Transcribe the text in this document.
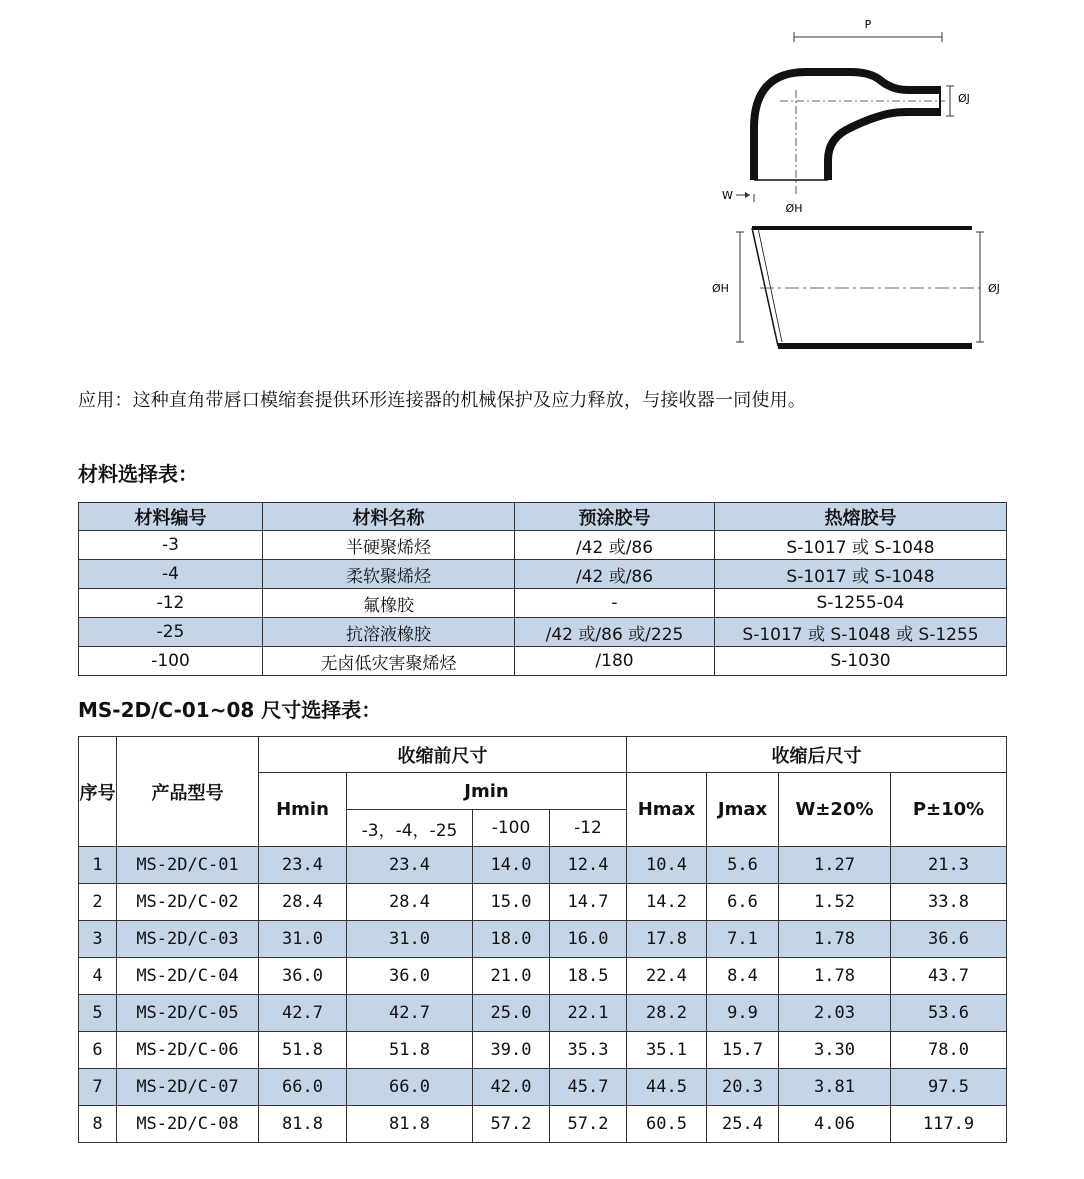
P
ØJ
W
ØH
ØH	ØJ
应用：这种直角带唇口模缩套提供环形连接器的机械保护及应力释放，与接收器一同使用。
材料选择表：
材料编号	材料名称	预涂胶号	热熔胶号
-3	半硬聚烯烃	/42 或/86	S-1017 或 S-1048
-4	柔软聚烯烃	/42 或/86	S-1017 或 S-1048
-12	氟橡胶	-	S-1255-04
-25	抗溶液橡胶	/42 或/86 或/225	S-1017 或 S-1048 或 S-1255
-100	无卤低灾害聚烯烃	/180	S-1030
MS-2D/C-01~08 尺寸选择表：
序号	产品型号	收缩前尺寸				收缩后尺寸			
		Hmin	Jmin			Hmax	Jmax	W±20%	P±10%
			-3，-4，-25	-100	-12				
1	MS-2D/C-01	23.4	23.4	14.0	12.4	10.4	5.6	1.27	21.3
2	MS-2D/C-02	28.4	28.4	15.0	14.7	14.2	6.6	1.52	33.8
3	MS-2D/C-03	31.0	31.0	18.0	16.0	17.8	7.1	1.78	36.6
4	MS-2D/C-04	36.0	36.0	21.0	18.5	22.4	8.4	1.78	43.7
5	MS-2D/C-05	42.7	42.7	25.0	22.1	28.2	9.9	2.03	53.6
6	MS-2D/C-06	51.8	51.8	39.0	35.3	35.1	15.7	3.30	78.0
7	MS-2D/C-07	66.0	66.0	42.0	45.7	44.5	20.3	3.81	97.5
8	MS-2D/C-08	81.8	81.8	57.2	57.2	60.5	25.4	4.06	117.9
